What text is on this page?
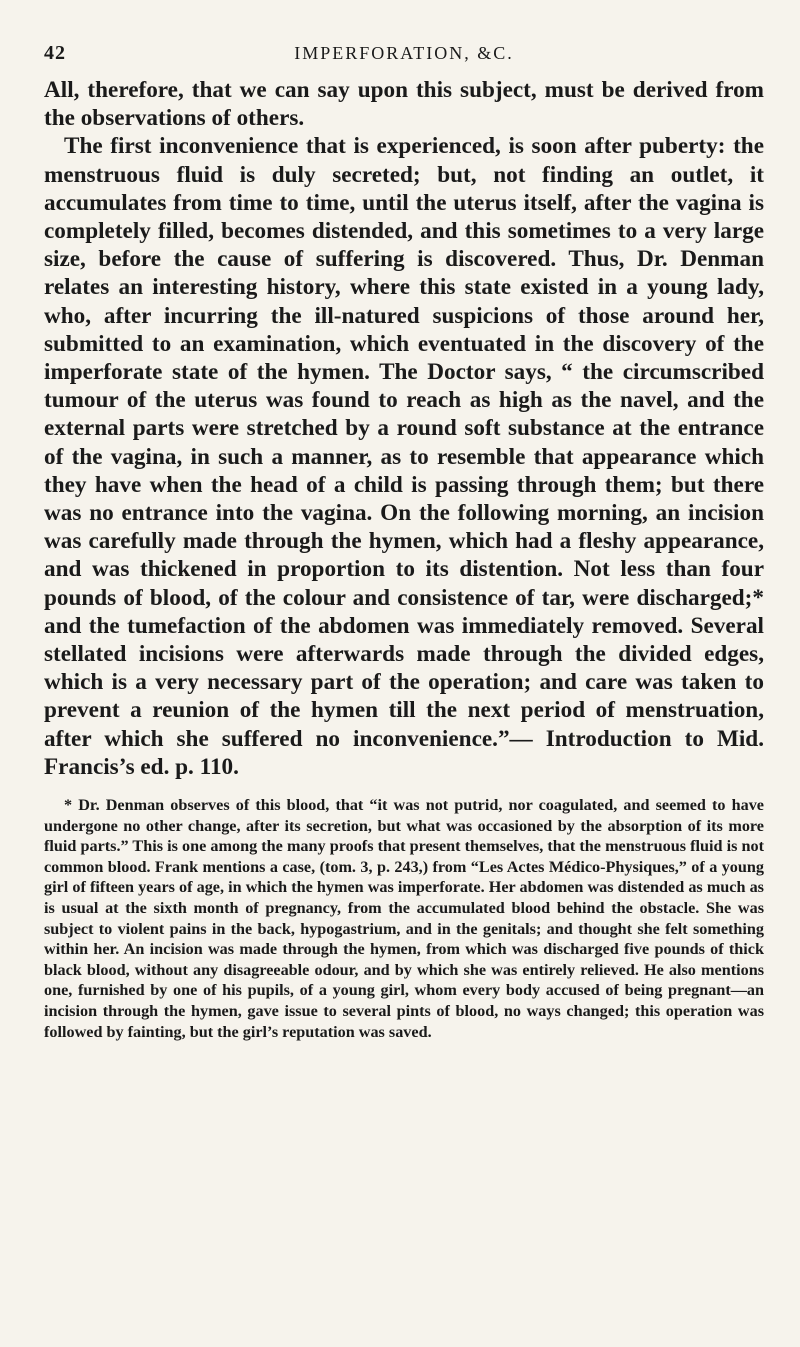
42	IMPERFORATION, &C.

All, therefore, that we can say upon this subject, must be derived from the observations of others.

The first inconvenience that is experienced, is soon after puberty: the menstruous fluid is duly secreted; but, not finding an outlet, it accumulates from time to time, until the uterus itself, after the vagina is completely filled, becomes distended, and this sometimes to a very large size, before the cause of suffering is discovered. Thus, Dr. Denman relates an interesting history, where this state existed in a young lady, who, after incurring the ill-natured suspicions of those around her, submitted to an examination, which eventuated in the discovery of the imperforate state of the hymen. The Doctor says, “ the circumscribed tumour of the uterus was found to reach as high as the navel, and the external parts were stretched by a round soft substance at the entrance of the vagina, in such a manner, as to resemble that appearance which they have when the head of a child is passing through them; but there was no entrance into the vagina. On the following morning, an incision was carefully made through the hymen, which had a fleshy appearance, and was thickened in proportion to its distention. Not less than four pounds of blood, of the colour and consistence of tar, were discharged;* and the tumefaction of the abdomen was immediately removed. Several stellated incisions were afterwards made through the divided edges, which is a very necessary part of the operation; and care was taken to prevent a reunion of the hymen till the next period of menstruation, after which she suffered no inconvenience.”— Introduction to Mid. Francis’s ed. p. 110.

* Dr. Denman observes of this blood, that “it was not putrid, nor coagulated, and seemed to have undergone no other change, after its secretion, but what was occasioned by the absorption of its more fluid parts.” This is one among the many proofs that present themselves, that the menstruous fluid is not common blood. Frank mentions a case, (tom. 3, p. 243,) from “Les Actes Médico-Physiques,” of a young girl of fifteen years of age, in which the hymen was imperforate. Her abdomen was distended as much as is usual at the sixth month of pregnancy, from the accumulated blood behind the obstacle. She was subject to violent pains in the back, hypogastrium, and in the genitals; and thought she felt something within her. An incision was made through the hymen, from which was discharged five pounds of thick black blood, without any disagreeable odour, and by which she was entirely relieved. He also mentions one, furnished by one of his pupils, of a young girl, whom every body accused of being pregnant—an incision through the hymen, gave issue to several pints of blood, no ways changed; this operation was followed by fainting, but the girl’s reputation was saved.
